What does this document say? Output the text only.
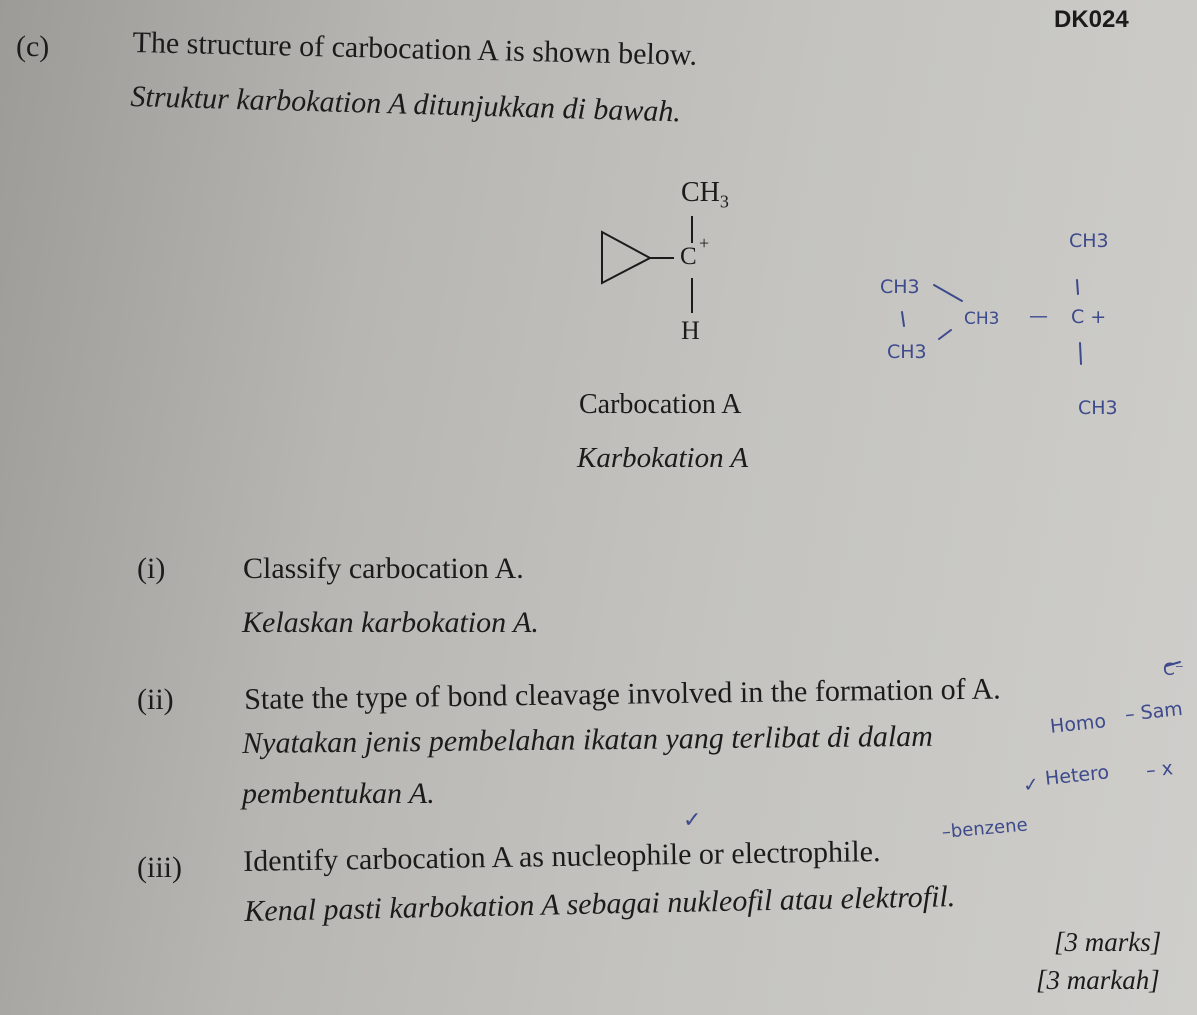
DK024
(c)	The structure of carbocation A is shown below.
Struktur karbokation A ditunjukkan di bawah.
$CH_3$
C +
H
Carbocation A
Karbokation A
CH3
CH3
CH3
CH3 — C +
CH3
(i)	Classify carbocation A.
Kelaskan karbokation A.
(ii) State the type of bond cleavage involved in the formation of A.
Nyatakan jenis pembelahan ikatan yang terlibat di dalam
pembentukan A.
(iii) Identify carbocation A as nucleophile or electrophile.
Kenal pasti karbokation A sebagai nukleofil atau elektrofil.
C⁻
Homo – Sam
✓ Hetero – x
✓	–benzene
[3 marks]
[3 markah]
